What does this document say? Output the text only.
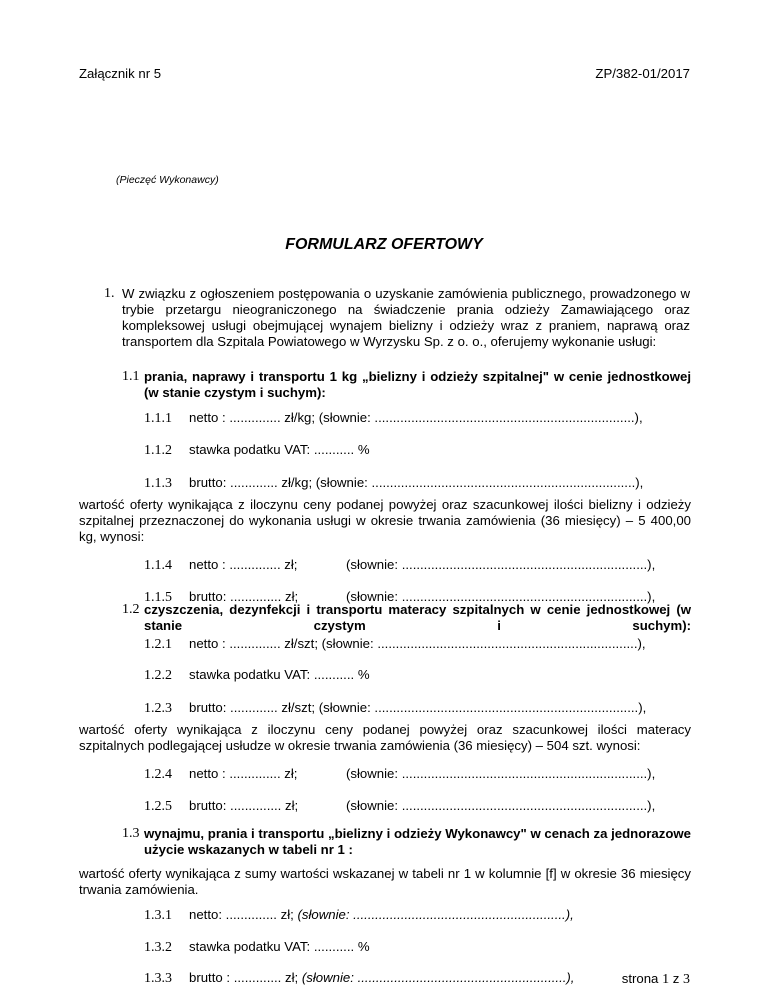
Załącznik nr 5	ZP/382-01/2017
(Pieczęć Wykonawcy)
FORMULARZ OFERTOWY
1. W związku z ogłoszeniem postępowania o uzyskanie zamówienia publicznego, prowadzonego w trybie przetargu nieograniczonego na świadczenie prania odzieży Zamawiającego oraz kompleksowej usługi obejmującej wynajem bielizny i odzieży wraz z praniem, naprawą oraz transportem dla Szpitala Powiatowego w Wyrzysku Sp. z o. o., oferujemy wykonanie usługi:
1.1 prania, naprawy i transportu 1 kg „bielizny i odzieży szpitalnej" w cenie jednostkowej (w stanie czystym i suchym):
1.1.1 netto : .............. zł/kg; (słownie: .......................................................................),
1.1.2 stawka podatku VAT: ........... %
1.1.3 brutto: ............. zł/kg; (słownie: ........................................................................),
wartość oferty wynikająca z iloczynu ceny podanej powyżej oraz szacunkowej ilości bielizny i odzieży szpitalnej przeznaczonej do wykonania usługi w okresie trwania zamówienia (36 miesięcy) – 5 400,00 kg, wynosi:
1.1.4 netto : .............. zł;	(słownie: ...................................................................),
1.1.5 brutto: .............. zł;	(słownie: ...................................................................),
1.2 czyszczenia, dezynfekcji i transportu materacy szpitalnych w cenie jednostkowej (w stanie czystym i suchym):
1.2.1 netto : .............. zł/szt; (słownie: .......................................................................),
1.2.2 stawka podatku VAT: ........... %
1.2.3 brutto: ............. zł/szt; (słownie: ........................................................................),
wartość oferty wynikająca z iloczynu ceny podanej powyżej oraz szacunkowej ilości materacy szpitalnych podlegającej usłudze w okresie trwania zamówienia (36 miesięcy) – 504 szt. wynosi:
1.2.4 netto : .............. zł;	(słownie: ...................................................................),
1.2.5 brutto: .............. zł;	(słownie: ...................................................................),
1.3 wynajmu, prania i transportu „bielizny i odzieży Wykonawcy" w cenach za jednorazowe użycie wskazanych w tabeli nr 1 :
wartość oferty wynikająca z sumy wartości wskazanej w tabeli nr 1 w kolumnie [f] w okresie 36 miesięcy trwania zamówienia.
1.3.1 netto: .............. zł; (słownie: ..........................................................),
1.3.2 stawka podatku VAT: ........... %
1.3.3 brutto : ............. zł; (słownie: .........................................................),	strona 1 z 3
